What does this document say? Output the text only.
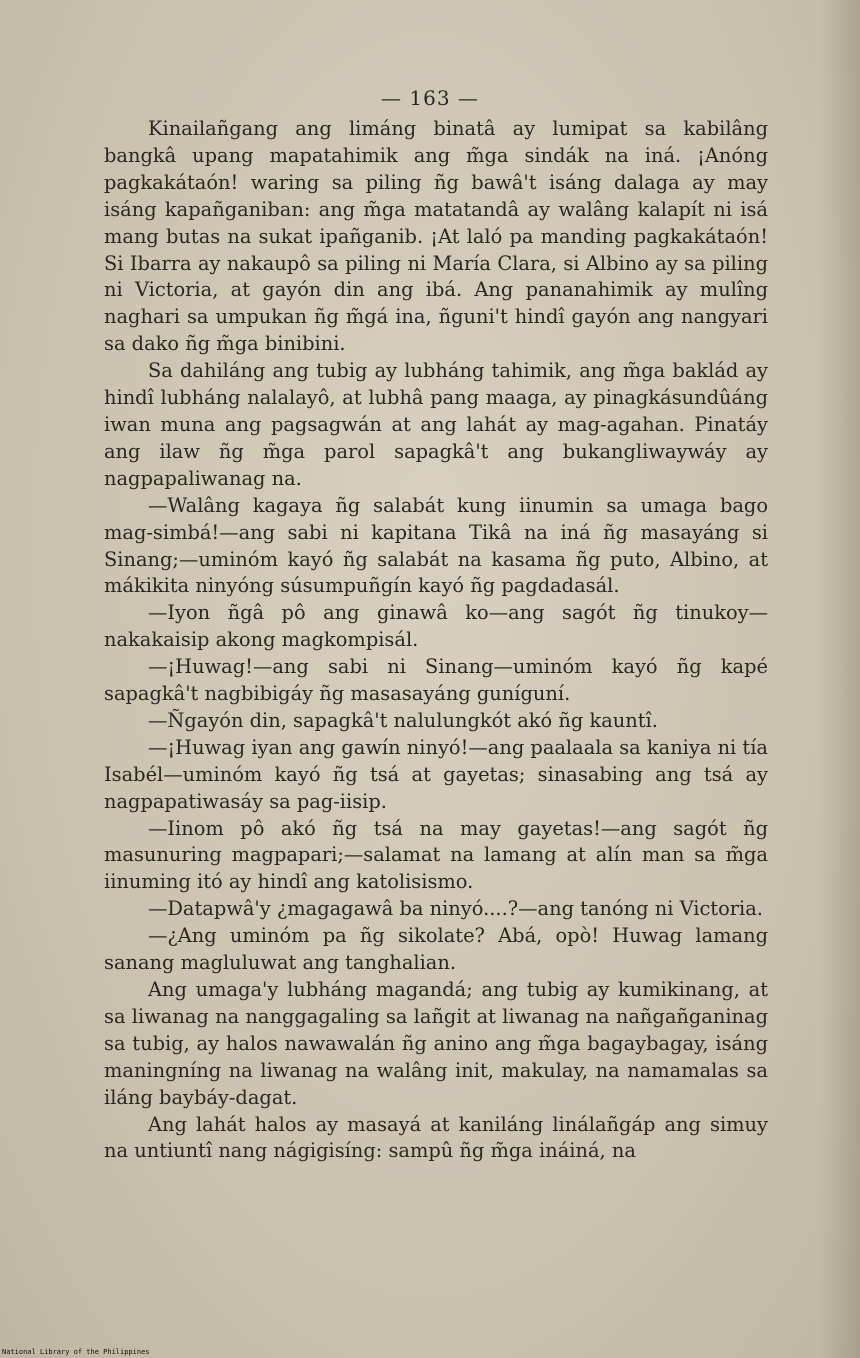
— 163 —

Kinailañgang ang limáng binatâ ay lumipat sa kabilâng bangkâ upang mapatahimik ang m̃ga sindák na iná. ¡Anóng pagkakátaón! waring sa piling ñg bawâ't isáng dalaga ay may isáng kapañganiban: ang m̃ga matatandâ ay walâng kalapít ni isá mang butas na sukat ipañganib. ¡At laló pa manding pagkakátaón! Si Ibarra ay nakaupô sa piling ni María Clara, si Albino ay sa piling ni Victoria, at gayón din ang ibá. Ang pananahimik ay mulîng naghari sa umpukan ñg m̃gá ina, ñguni't hindî gayón ang nangyari sa dako ñg m̃ga binibini.

Sa dahiláng ang tubig ay lubháng tahimik, ang m̃ga baklád ay hindî lubháng nalalayô, at lubhâ pang maaga, ay pinagkásundûáng iwan muna ang pagsagwán at ang lahát ay mag-agahan. Pinatáy ang ilaw ñg m̃ga parol sapagkâ't ang bukangliwaywáy ay nagpapaliwanag na.

—Walâng kagaya ñg salabát kung iinumin sa umaga bago mag-simbá!—ang sabi ni kapitana Tikâ na iná ñg masayáng si Sinang;—uminóm kayó ñg salabát na kasama ñg puto, Albino, at mákikita ninyóng súsumpuñgín kayó ñg pagdadasál.

—Iyon ñgâ pô ang ginawâ ko—ang sagót ñg tinukoy—nakakaisip akong magkompisál.

—¡Huwag!—ang sabi ni Sinang—uminóm kayó ñg kapé sapagkâ't nagbibigáy ñg masasayáng guníguní.

—Ñgayón din, sapagkâ't nalulungkót akó ñg kauntî.

—¡Huwag iyan ang gawín ninyó!—ang paalaala sa kaniya ni tía Isabél—uminóm kayó ñg tsá at gayetas; sinasabing ang tsá ay nagpapatiwasáy sa pag-iisip.

—Iinom pô akó ñg tsá na may gayetas!—ang sagót ñg masunuring magpapari;—salamat na lamang at alín man sa m̃ga iinuming itó ay hindî ang katolisismo.

—Datapwâ'y ¿magagawâ ba ninyó....?—ang tanóng ni Victoria.

—¿Ang uminóm pa ñg sikolate? Abá, opò! Huwag lamang sanang magluluwat ang tanghalian.

Ang umaga'y lubháng magandá; ang tubig ay kumikinang, at sa liwanag na nanggagaling sa lañgit at liwanag na nañgañganinag sa tubig, ay halos nawawalán ñg anino ang m̃ga bagaybagay, isáng maningníng na liwanag na walâng init, makulay, na namamalas sa iláng baybáy-dagat.

Ang lahát halos ay masayá at kaniláng linálañgáp ang simuy na untiuntî nang nágigisíng: sampû ñg m̃ga ináiná, na

National Library of the Philippines
